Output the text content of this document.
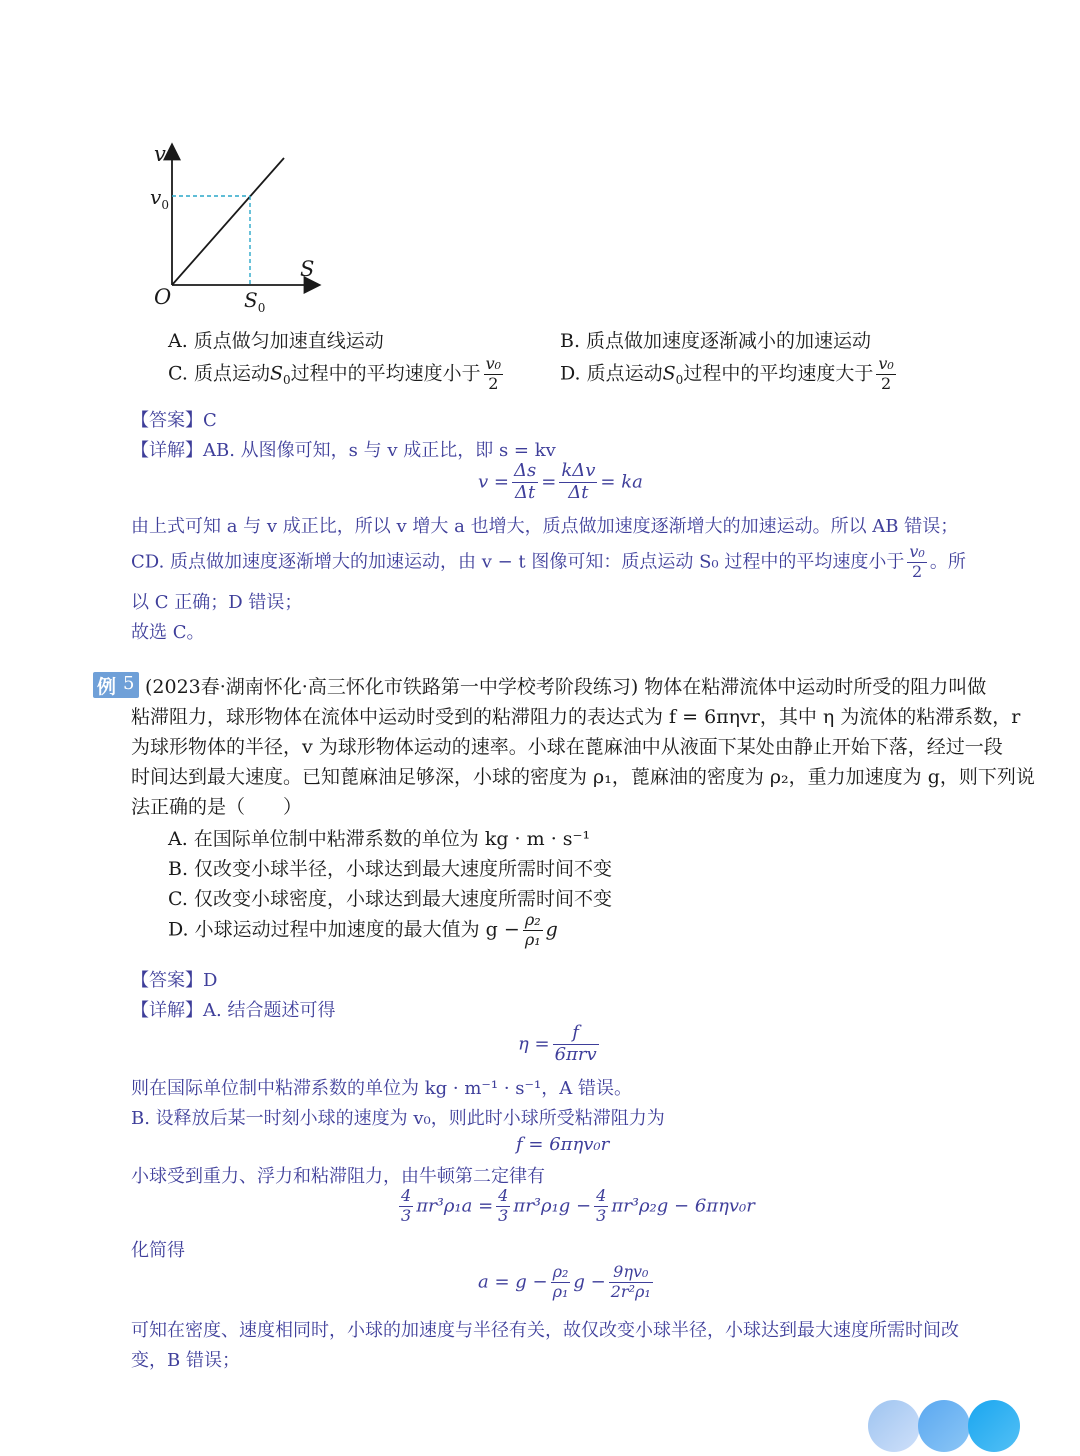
v
S
O
$v_0$
$S_0$
A. 质点做匀加速直线运动	B. 质点做加速度逐渐减小的加速运动
C. 质点运动$S_0$过程中的平均速度小于 $\frac{\text{v₀}}{2}$	D. 质点运动$S_0$过程中的平均速度大于 $\frac{\text{v₀}}{2}$
【答案】C
【详解】AB. 从图像可知，s 与 v 成正比，即 s = kv
$v = \frac{\Delta s}{\Delta t} = \frac{\text{kΔv}}{\Delta t}$ = ka
由上式可知 a 与 v 成正比，所以 v 增大 a 也增大，质点做加速度逐渐增大的加速运动。所以 AB 错误；
CD. 质点做加速度逐渐增大的加速运动，由 v − t 图像可知：质点运动 S₀ 过程中的平均速度小于 $\frac{\text{v₀}}{2}$ 。所
以 C 正确；D 错误；
故选 C。
例 5 (2023春·湖南怀化·高三怀化市铁路第一中学校考阶段练习) 物体在粘滞流体中运动时所受的阻力叫做
粘滞阻力，球形物体在流体中运动时受到的粘滞阻力的表达式为 f = 6πηvr，其中 η 为流体的粘滞系数，r
为球形物体的半径，v 为球形物体运动的速率。小球在蓖麻油中从液面下某处由静止开始下落，经过一段
时间达到最大速度。已知蓖麻油足够深，小球的密度为 ρ₁，蓖麻油的密度为 ρ₂，重力加速度为 g，则下列说
法正确的是（　　）
A. 在国际单位制中粘滞系数的单位为 kg · m · s⁻¹
B. 仅改变小球半径，小球达到最大速度所需时间不变
C. 仅改变小球密度，小球达到最大速度所需时间不变
D. 小球运动过程中加速度的最大值为 $g - \frac{\text{ρ₂}}{\text{ρ₁}}$ g
【答案】D
【详解】A. 结合题述可得
$\eta = \frac{f}{\text{6πrv}}$
则在国际单位制中粘滞系数的单位为 kg · m⁻¹ · s⁻¹，A 错误。
B. 设释放后某一时刻小球的速度为 v₀，则此时小球所受粘滞阻力为
f = 6πηv₀r
小球受到重力、浮力和粘滞阻力，由牛顿第二定律有
$\frac{4}{3} \pi r^3\rho_1a = \frac{4}{3} \pi r^3\rho_1g - \frac{4}{3} \pi r^3\rho_2g - 6\pi\eta v_0r$
化简得
$a = g - \frac{\text{ρ₂}}{\text{ρ₁}}$ $g - \frac{\text{9ηv₀}}{\text{2r²ρ₁}}$
可知在密度、速度相同时，小球的加速度与半径有关，故仅改变小球半径，小球达到最大速度所需时间改
变，B 错误；
